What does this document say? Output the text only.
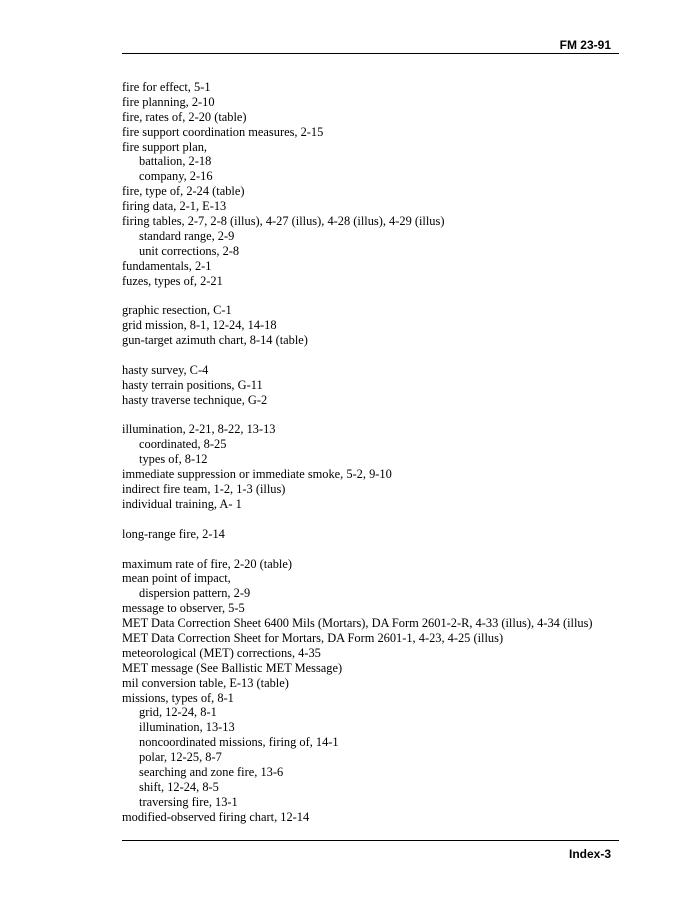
FM 23-91
fire for effect, 5-1
fire planning, 2-10
fire, rates of, 2-20 (table)
fire support coordination measures, 2-15
fire support plan,
battalion, 2-18
company, 2-16
fire, type of, 2-24 (table)
firing data, 2-1, E-13
firing tables, 2-7, 2-8 (illus), 4-27 (illus), 4-28 (illus), 4-29 (illus)
standard range, 2-9
unit corrections, 2-8
fundamentals, 2-1
fuzes, types of, 2-21
graphic resection, C-1
grid mission, 8-1, 12-24, 14-18
gun-target azimuth chart, 8-14 (table)
hasty survey, C-4
hasty terrain positions, G-11
hasty traverse technique, G-2
illumination, 2-21, 8-22, 13-13
coordinated, 8-25
types of, 8-12
immediate suppression or immediate smoke, 5-2, 9-10
indirect fire team, 1-2, 1-3 (illus)
individual training, A- 1
long-range fire, 2-14
maximum rate of fire, 2-20 (table)
mean point of impact,
dispersion pattern, 2-9
message to observer, 5-5
MET Data Correction Sheet 6400 Mils (Mortars), DA Form 2601-2-R, 4-33 (illus), 4-34 (illus)
MET Data Correction Sheet for Mortars, DA Form 2601-1, 4-23, 4-25 (illus)
meteorological (MET) corrections, 4-35
MET message (See Ballistic MET Message)
mil conversion table, E-13 (table)
missions, types of, 8-1
grid, 12-24, 8-1
illumination, 13-13
noncoordinated missions, firing of, 14-1
polar, 12-25, 8-7
searching and zone fire, 13-6
shift, 12-24, 8-5
traversing fire, 13-1
modified-observed firing chart, 12-14
Index-3
